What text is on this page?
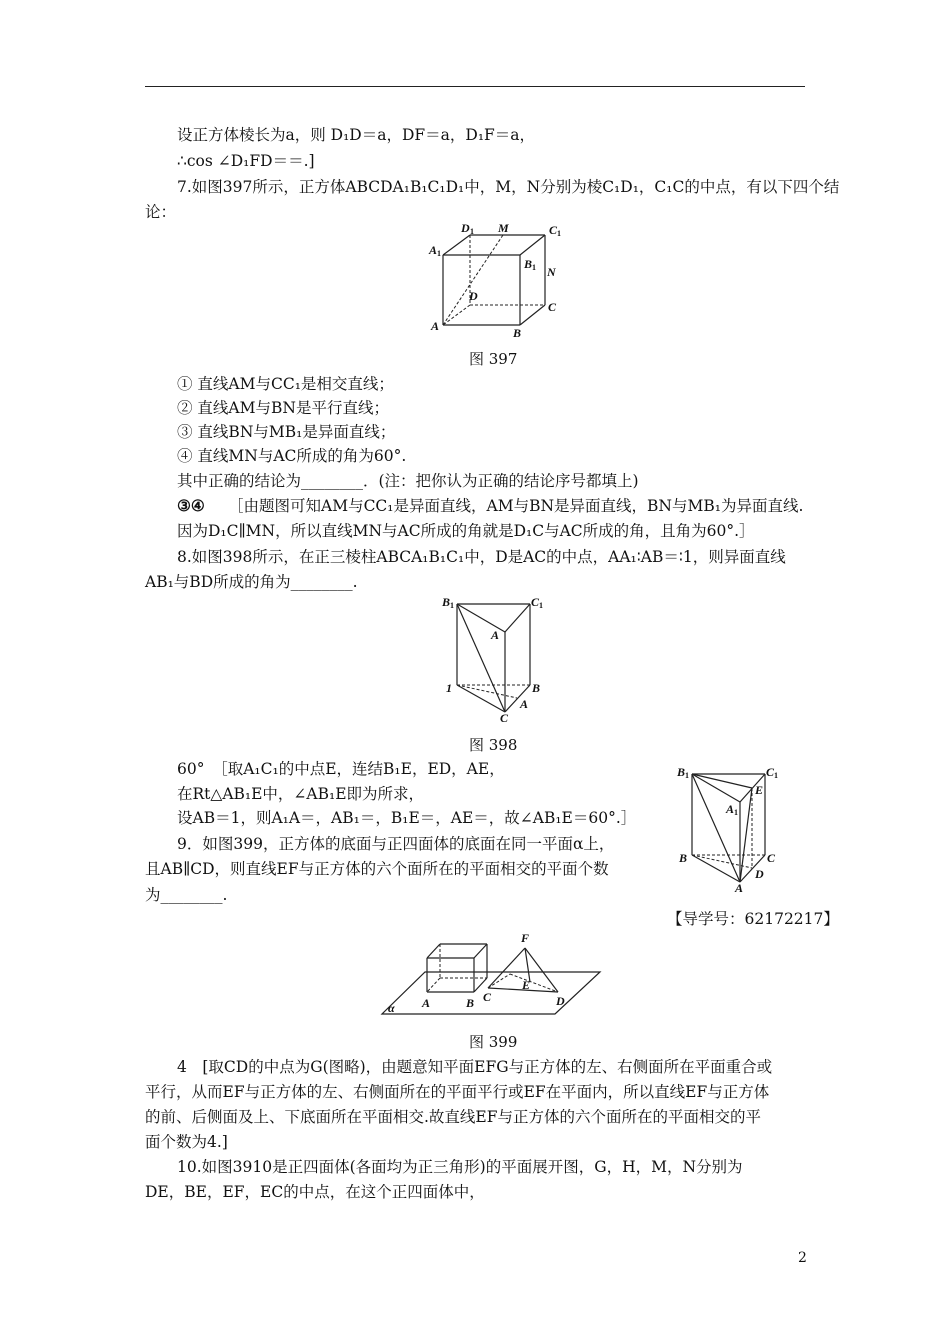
设正方体棱长为a，则 D₁D＝a，DF＝a，D₁F＝a，
∴cos ∠D₁FD＝＝.]
7.如图397所示，正方体ABCDA₁B₁C₁D₁中，M，N分别为棱C₁D₁，C₁C的中点，有以下四个结
论：
D 1 M	C 1
A 1
B 1 N
D
C
A	B
图 397
① 直线AM与CC₁是相交直线；
② 直线AM与BN是平行直线；
③ 直线BN与MB₁是异面直线；
④ 直线MN与AC所成的角为60°.
其中正确的结论为________．(注：把你认为正确的结论序号都填上)
③④ ［由题图可知AM与CC₁是异面直线，AM与BN是异面直线，BN与MB₁为异面直线.
因为D₁C∥MN，所以直线MN与AC所成的角就是D₁C与AC所成的角，且角为60°.］
8.如图398所示，在正三棱柱ABCA₁B₁C₁中，D是AC的中点，AA₁∶AB＝∶1，则异面直线
AB₁与BD所成的角为________.
B 1	C 1
A
1	B
C
A
图 398
60°　［取A₁C₁的中点E，连结B₁E，ED，AE，
在Rt△AB₁E中，∠AB₁E即为所求，
设AB＝1，则A₁A＝，AB₁＝，B₁E＝，AE＝，故∠AB₁E＝60°.］
9．如图399，正方体的底面与正四面体的底面在同一平面α上，
且AB∥CD，则直线EF与正方体的六个面所在的平面相交的平面个数
为________.
B 1	C 1
E
A 1
B	C
A
D
【导学号：62172217】
F
E
α A	B C	D
图 399
4　[取CD的中点为G(图略)，由题意知平面EFG与正方体的左、右侧面所在平面重合或
平行，从而EF与正方体的左、右侧面所在的平面平行或EF在平面内，所以直线EF与正方体
的前、后侧面及上、下底面所在平面相交.故直线EF与正方体的六个面所在的平面相交的平
面个数为4.]
10.如图3910是正四面体(各面均为正三角形)的平面展开图，G，H，M，N分别为
DE，BE，EF，EC的中点，在这个正四面体中，
2
